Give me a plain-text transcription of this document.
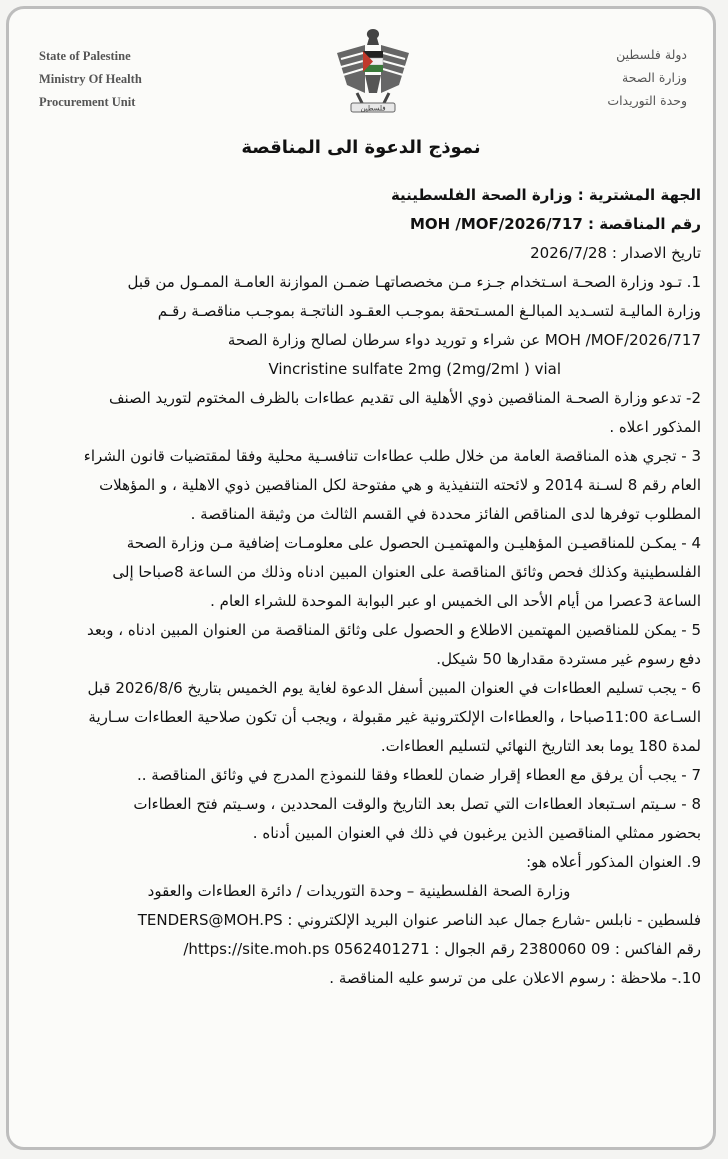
State of Palestine
Ministry Of Health
Procurement Unit	فلسطين
دولة فلسطين
وزارة الصحة
وحدة التوريدات
نموذج الدعوة الى المناقصة
الجهة المشترية : وزارة الصحة الفلسطينية
رقم المناقصة : MOH /MOF/2026/717
تاريخ الاصدار : 2026/7/28
1. تـود وزارة الصحـة اسـتخدام جـزء مـن مخصصاتهـا ضمـن الموازنة العامـة الممـول من قبل
وزارة الماليـة لتسـديد المبالـغ المسـتحقة بموجـب العقـود الناتجـة بموجـب مناقصـة رقـم
MOH /MOF/2026/717 عن شراء و توريد دواء سرطان لصالح وزارة الصحة
Vincristine sulfate 2mg (2mg/2ml ) vial
2- تدعو وزارة الصحـة المناقصين ذوي الأهلية الى تقديم عطاءات بالظرف المختوم لتوريد الصنف
المذكور اعلاه .
3 - تجري هذه المناقصة العامة من خلال طلب عطاءات تنافسـية محلية وفقا لمقتضيات قانون الشراء
العام رقم 8 لسـنة 2014 و لائحته التنفيذية و هي مفتوحة لكل المناقصين ذوي الاهلية ، و المؤهلات
المطلوب توفرها لدى المناقص الفائز محددة في القسم الثالث من وثيقة المناقصة .
4 - يمكـن للمناقصيـن المؤهليـن والمهتميـن الحصول على معلومـات إضافية مـن وزارة الصحة
الفلسطينية وكذلك فحص وثائق المناقصة على العنوان المبين ادناه وذلك من الساعة 8صباحا إلى
الساعة 3عصرا من أيام الأحد الى الخميس او عبر البوابة الموحدة للشراء العام .
5 - يمكن للمناقصين المهتمين الاطلاع و الحصول على وثائق المناقصة من العنوان المبين ادناه ، وبعد
دفع رسوم غير مستردة مقدارها 50 شيكل.
6 - يجب تسليم العطاءات في العنوان المبين أسفل الدعوة لغاية يوم الخميس بتاريخ 2026/8/6 قبل
السـاعة 11:00صباحا ، والعطاءات الإلكترونية غير مقبولة ، ويجب أن تكون صلاحية العطاءات سـارية
لمدة 180 يوما بعد التاريخ النهائي لتسليم العطاءات.
7 - يجب أن يرفق مع العطاء إقرار ضمان للعطاء وفقا للنموذج المدرج في وثائق المناقصة ..
8 - سـيتم اسـتبعاد العطاءات التي تصل بعد التاريخ والوقت المحددين ، وسـيتم فتح العطاءات
بحضور ممثلي المناقصين الذين يرغبون في ذلك في العنوان المبين أدناه .
9. العنوان المذكور أعلاه هو:
وزارة الصحة الفلسطينية – وحدة التوريدات / دائرة العطاءات والعقود
فلسطين - نابلس -شارع جمال عبد الناصر عنوان البريد الإلكتروني : TENDERS@MOH.PS
رقم الفاكس : 09 2380060 رقم الجوال : 0562401271 https://site.moh.ps/
10.- ملاحظة : رسوم الاعلان على من ترسو عليه المناقصة .
